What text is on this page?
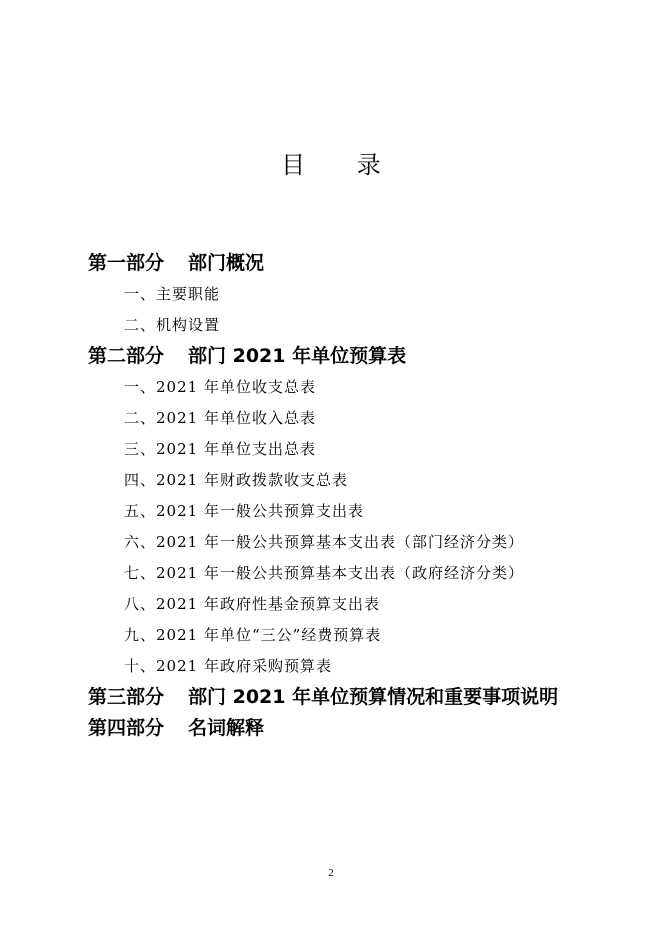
目 录
第一部分 部门概况
一、主要职能
二、机构设置
第二部分 部门 2021 年单位预算表
一、2021 年单位收支总表
二、2021 年单位收入总表
三、2021 年单位支出总表
四、2021 年财政拨款收支总表
五、2021 年一般公共预算支出表
六、2021 年一般公共预算基本支出表（部门经济分类）
七、2021 年一般公共预算基本支出表（政府经济分类）
八、2021 年政府性基金预算支出表
九、2021 年单位“三公”经费预算表
十、2021 年政府采购预算表
第三部分 部门 2021 年单位预算情况和重要事项说明
第四部分 名词解释
2
